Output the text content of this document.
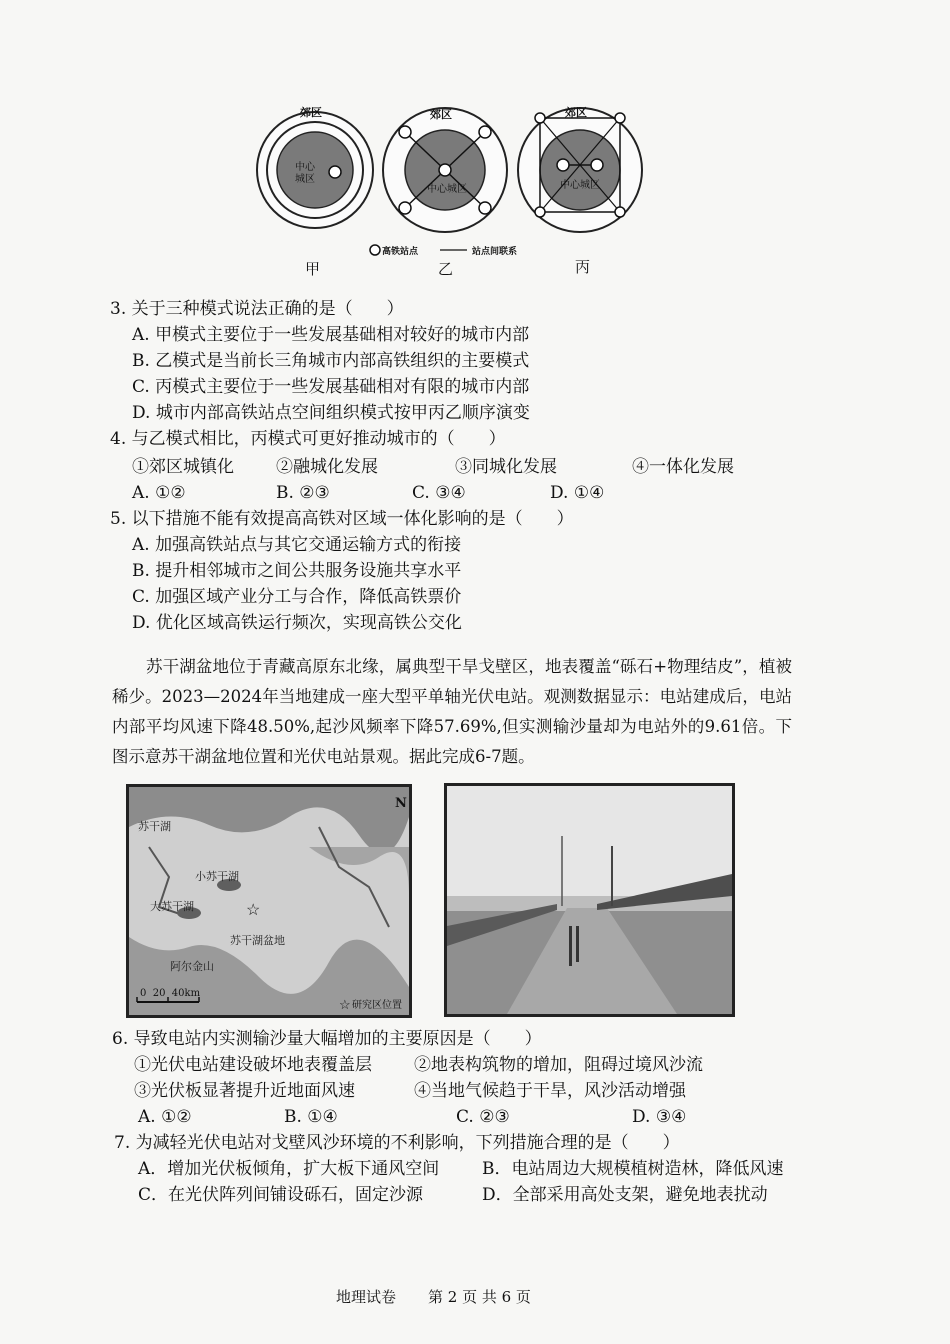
郊区	郊区	郊区
中心
城区
中心城区	中心城区
高铁站点	站点间联系
甲	乙	丙
3. 关于三种模式说法正确的是（　　）
A. 甲模式主要位于一些发展基础相对较好的城市内部
B. 乙模式是当前长三角城市内部高铁组织的主要模式
C. 丙模式主要位于一些发展基础相对有限的城市内部
D. 城市内部高铁站点空间组织模式按甲丙乙顺序演变
4. 与乙模式相比，丙模式可更好推动城市的（　　）
①郊区城镇化 ②融城化发展	③同城化发展	④一体化发展
A. ①②	B. ②③	C. ③④	D. ①④
5. 以下措施不能有效提高高铁对区域一体化影响的是（　　）
A. 加强高铁站点与其它交通运输方式的衔接
B. 提升相邻城市之间公共服务设施共享水平
C. 加强区域产业分工与合作，降低高铁票价
D. 优化区域高铁运行频次，实现高铁公交化
苏干湖盆地位于青藏高原东北缘，属典型干旱戈壁区，地表覆盖“砾石+物理结皮”，植被稀少。2023—2024年当地建成一座大型平单轴光伏电站。观测数据显示：电站建成后，电站内部平均风速下降48.50%,起沙风频率下降57.69%,但实测输沙量却为电站外的9.61倍。下图示意苏干湖盆地位置和光伏电站景观。据此完成6-7题。
☆
☆
N
苏干湖
小苏干湖
大苏干湖
苏干湖盆地
阿尔金山
0  20  40km
研究区位置
6. 导致电站内实测输沙量大幅增加的主要原因是（　　）
①光伏电站建设破坏地表覆盖层 ②地表构筑物的增加，阻碍过境风沙流
③光伏板显著提升近地面风速	④当地气候趋于干旱，风沙活动增强
A. ①②	B. ①④	C. ②③	D. ③④
7. 为减轻光伏电站对戈壁风沙环境的不利影响，下列措施合理的是（　　）
A．增加光伏板倾角，扩大板下通风空间	B．电站周边大规模植树造林，降低风速
C．在光伏阵列间铺设砾石，固定沙源	D．全部采用高处支架，避免地表扰动
地理试卷 第 2 页 共 6 页
